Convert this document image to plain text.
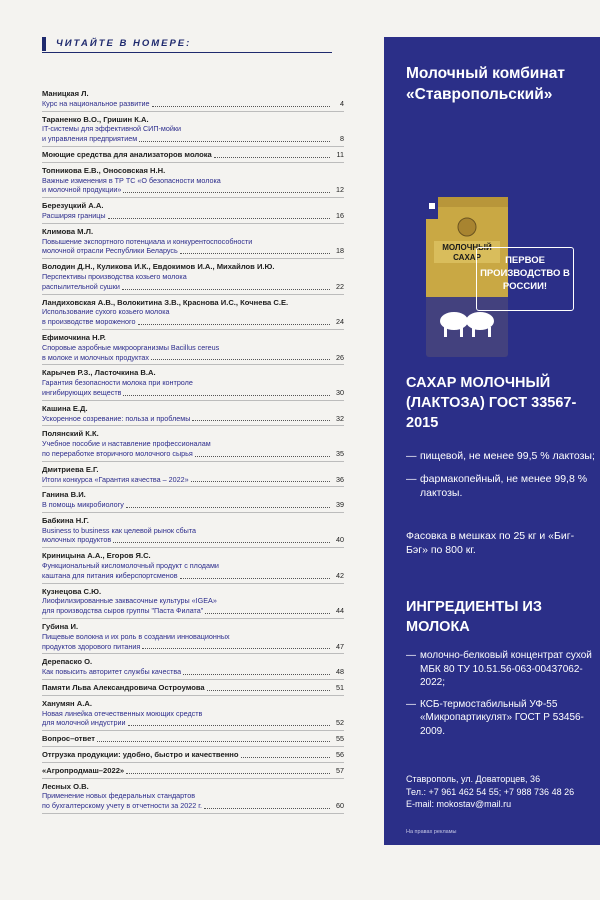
ЧИТАЙТЕ В НОМЕРЕ:
Маницкая Л.
Курс на национальное развитие	4
Тараненко В.О., Гришин К.А.
IT-системы для эффективной СИП-мойки
и управления предприятием	8
Моющие средства для анализаторов молока	11
Топникова Е.В., Оносовская Н.Н.
Важные изменения в ТР ТС «О безопасности молока
и молочной продукции»	12
Березуцкий А.А.
Расширяя границы	16
Климова М.Л.
Повышение экспортного потенциала и конкурентоспособности
молочной отрасли Республики Беларусь	18
Володин Д.Н., Куликова И.К., Евдокимов И.А., Михайлов И.Ю.
Перспективы производства козьего молока
распылительной сушки	22
Ландиховская А.В., Волокитина З.В., Краснова И.С., Кочнева С.Е.
Использование сухого козьего молока
в производстве мороженого	24
Ефимочкина Н.Р.
Споровые аэробные микроорганизмы Bacillus cereus
в молоке и молочных продуктах	26
Карычев Р.З., Ласточкина В.А.
Гарантия безопасности молока при контроле
ингибирующих веществ	30
Кашина Е.Д.
Ускоренное созревание: польза и проблемы	32
Полянский К.К.
Учебное пособие и наставление профессионалам
по переработке вторичного молочного сырья	35
Дмитриева Е.Г.
Итоги конкурса «Гарантия качества – 2022»	36
Ганина В.И.
В помощь микробиологу	39
Бабкина Н.Г.
Business to business как целевой рынок сбыта
молочных продуктов	40
Криницына А.А., Егоров Я.С.
Функциональный кисломолочный продукт с плодами
каштана для питания киберспортсменов	42
Кузнецова С.Ю.
Лиофилизированные заквасочные культуры «IGEA»
для производства сыров группы "Паста Филата"	44
Губина И.
Пищевые волокна и их роль в создании инновационных
продуктов здорового питания	47
Дерепаско О.
Как повысить авторитет службы качества	48
Памяти Льва Александровича Остроумова	51
Ханумян А.А.
Новая линейка отечественных моющих средств
для молочной индустрии	52
Вопрос–ответ	55
Отгрузка продукции: удобно, быстро и качественно	56
«Агропродмаш–2022»	57
Лесных О.В.
Применение новых федеральных стандартов
по бухгалтерскому учету в отчетности за 2022 г.	60
Молочный комбинат «Ставропольский»
МОЛОЧНЫЙ
САХАР	ПЕРВОЕ ПРОИЗВОДСТВО В РОССИИ!
САХАР МОЛОЧНЫЙ (ЛАКТОЗА) ГОСТ 33567-2015
— пищевой, не менее 99,5 % лактозы;
— фармакопейный, не менее 99,8 % лактозы.
Фасовка в мешках по 25 кг и «Биг-Бэг» по 800 кг.
ИНГРЕДИЕНТЫ ИЗ МОЛОКА
— молочно-белковый концентрат сухой МБК 80 ТУ 10.51.56-063-00437062-2022;
— КСБ-термостабильный УФ-55 «Микропартикулят» ГОСТ Р 53456-2009.
Ставрополь, ул. Доваторцев, 36
Тел.: +7 961 462 54 55; +7 988 736 48 26
E-mail: mokostav@mail.ru
На правах рекламы
